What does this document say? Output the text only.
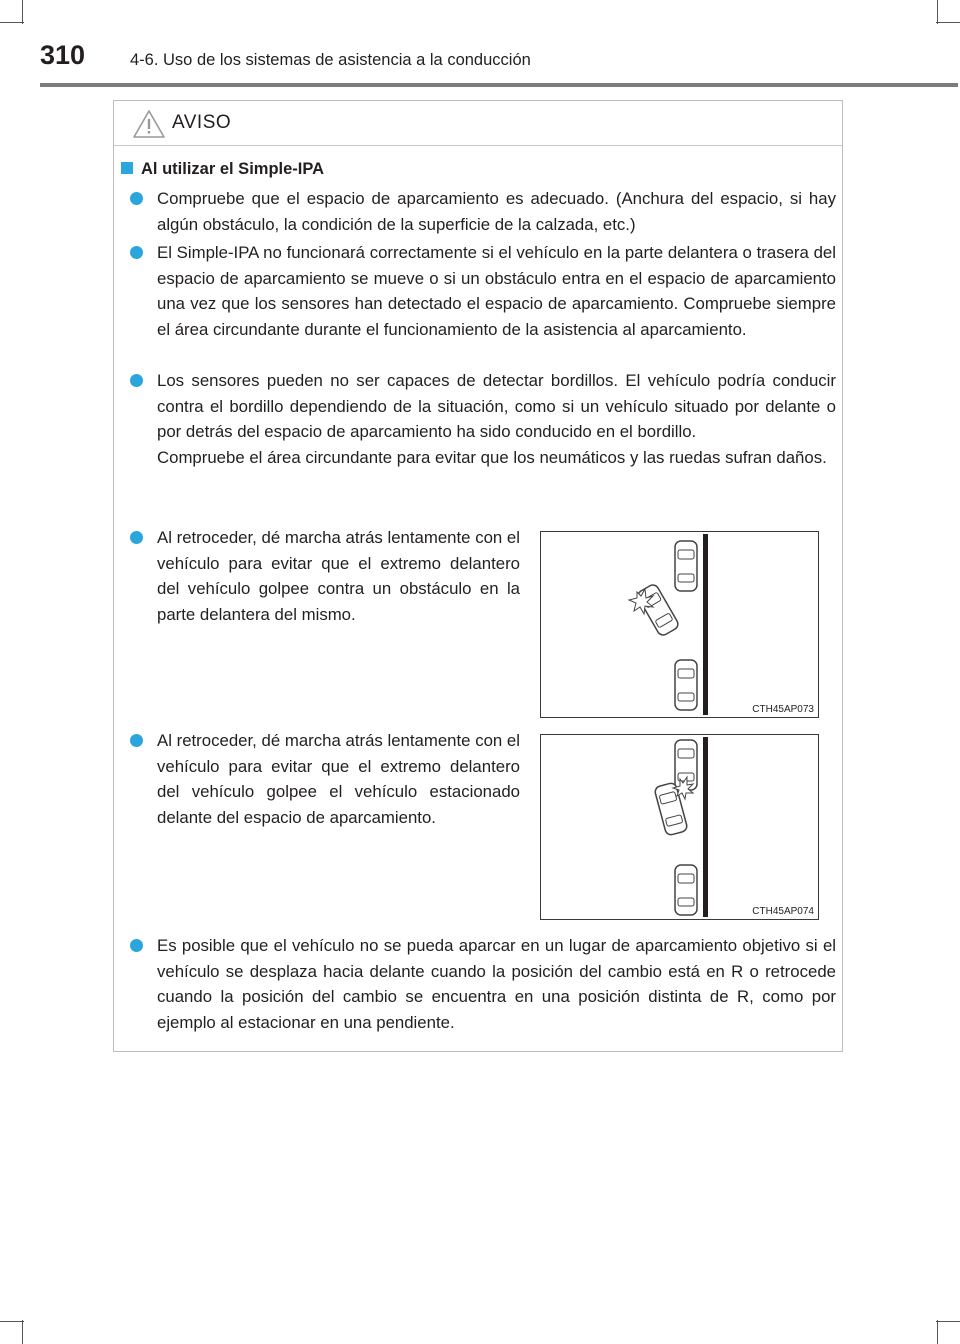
310	4-6. Uso de los sistemas de asistencia a la conducción
AVISO
Al utilizar el Simple-IPA
Compruebe que el espacio de aparcamiento es adecuado. (Anchura del espacio, si hay algún obstáculo, la condición de la superficie de la calzada, etc.)
El Simple-IPA no funcionará correctamente si el vehículo en la parte delantera o trasera del espacio de aparcamiento se mueve o si un obstáculo entra en el espacio de aparcamiento una vez que los sensores han detectado el espacio de aparcamiento. Compruebe siempre el área circundante durante el funcionamiento de la asistencia al aparcamiento.
Los sensores pueden no ser capaces de detectar bordillos. El vehículo podría conducir contra el bordillo dependiendo de la situación, como si un vehículo situado por delante o por detrás del espacio de aparcamiento ha sido conducido en el bordillo.
Compruebe el área circundante para evitar que los neumáticos y las ruedas sufran daños.
Al retroceder, dé marcha atrás lentamente con el vehículo para evitar que el extremo delantero del vehículo golpee contra un obstáculo en la parte delantera del mismo.
CTH45AP073
Al retroceder, dé marcha atrás lentamente con el vehículo para evitar que el extremo delantero del vehículo golpee el vehículo estacionado delante del espacio de aparcamiento.
CTH45AP074
Es posible que el vehículo no se pueda aparcar en un lugar de aparcamiento objetivo si el vehículo se desplaza hacia delante cuando la posición del cambio está en R o retrocede cuando la posición del cambio se encuentra en una posición distinta de R, como por ejemplo al estacionar en una pendiente.
